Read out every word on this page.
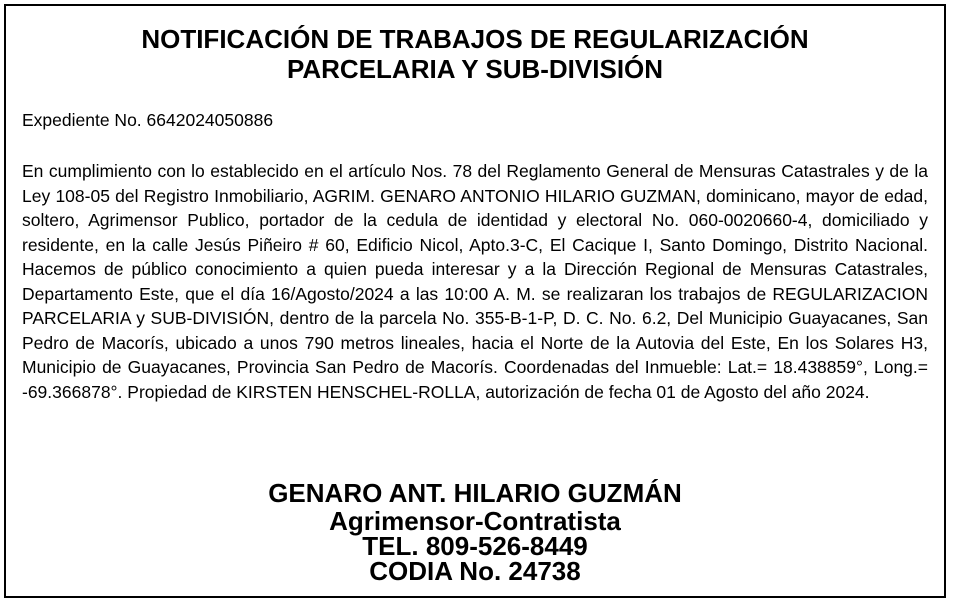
NOTIFICACIÓN DE TRABAJOS DE REGULARIZACIÓN
PARCELARIA Y SUB-DIVISIÓN

Expediente No. 6642024050886

En cumplimiento con lo establecido en el artículo Nos. 78 del Reglamento General de Mensuras Catastrales y de la Ley 108-05 del Registro Inmobiliario, AGRIM. GENARO ANTONIO HILARIO GUZMAN, dominicano, mayor de edad, soltero, Agrimensor Publico, portador de la cedula de identidad y electoral No. 060-0020660-4, domiciliado y residente, en la calle Jesús Piñeiro # 60, Edificio Nicol, Apto.3-C, El Cacique I, Santo Domingo, Distrito Nacional. Hacemos de público conocimiento a quien pueda interesar y a la Dirección Regional de Mensuras Catastrales, Departamento Este, que el día 16/Agosto/2024 a las 10:00 A. M. se realizaran los trabajos de REGULARIZACION PARCELARIA y SUB-DIVISIÓN, dentro de la parcela No. 355-B-1-P, D. C. No. 6.2, Del Municipio Guayacanes, San Pedro de Macorís, ubicado a unos 790 metros lineales, hacia el Norte de la Autovia del Este, En los Solares H3, Municipio de Guayacanes, Provincia San Pedro de Macorís. Coordenadas del Inmueble: Lat.= 18.438859°, Long.= -69.366878°. Propiedad de KIRSTEN HENSCHEL-ROLLA, autorización de fecha 01 de Agosto del año 2024.

GENARO ANT. HILARIO GUZMÁN
Agrimensor-Contratista
TEL. 809-526-8449
CODIA No. 24738
